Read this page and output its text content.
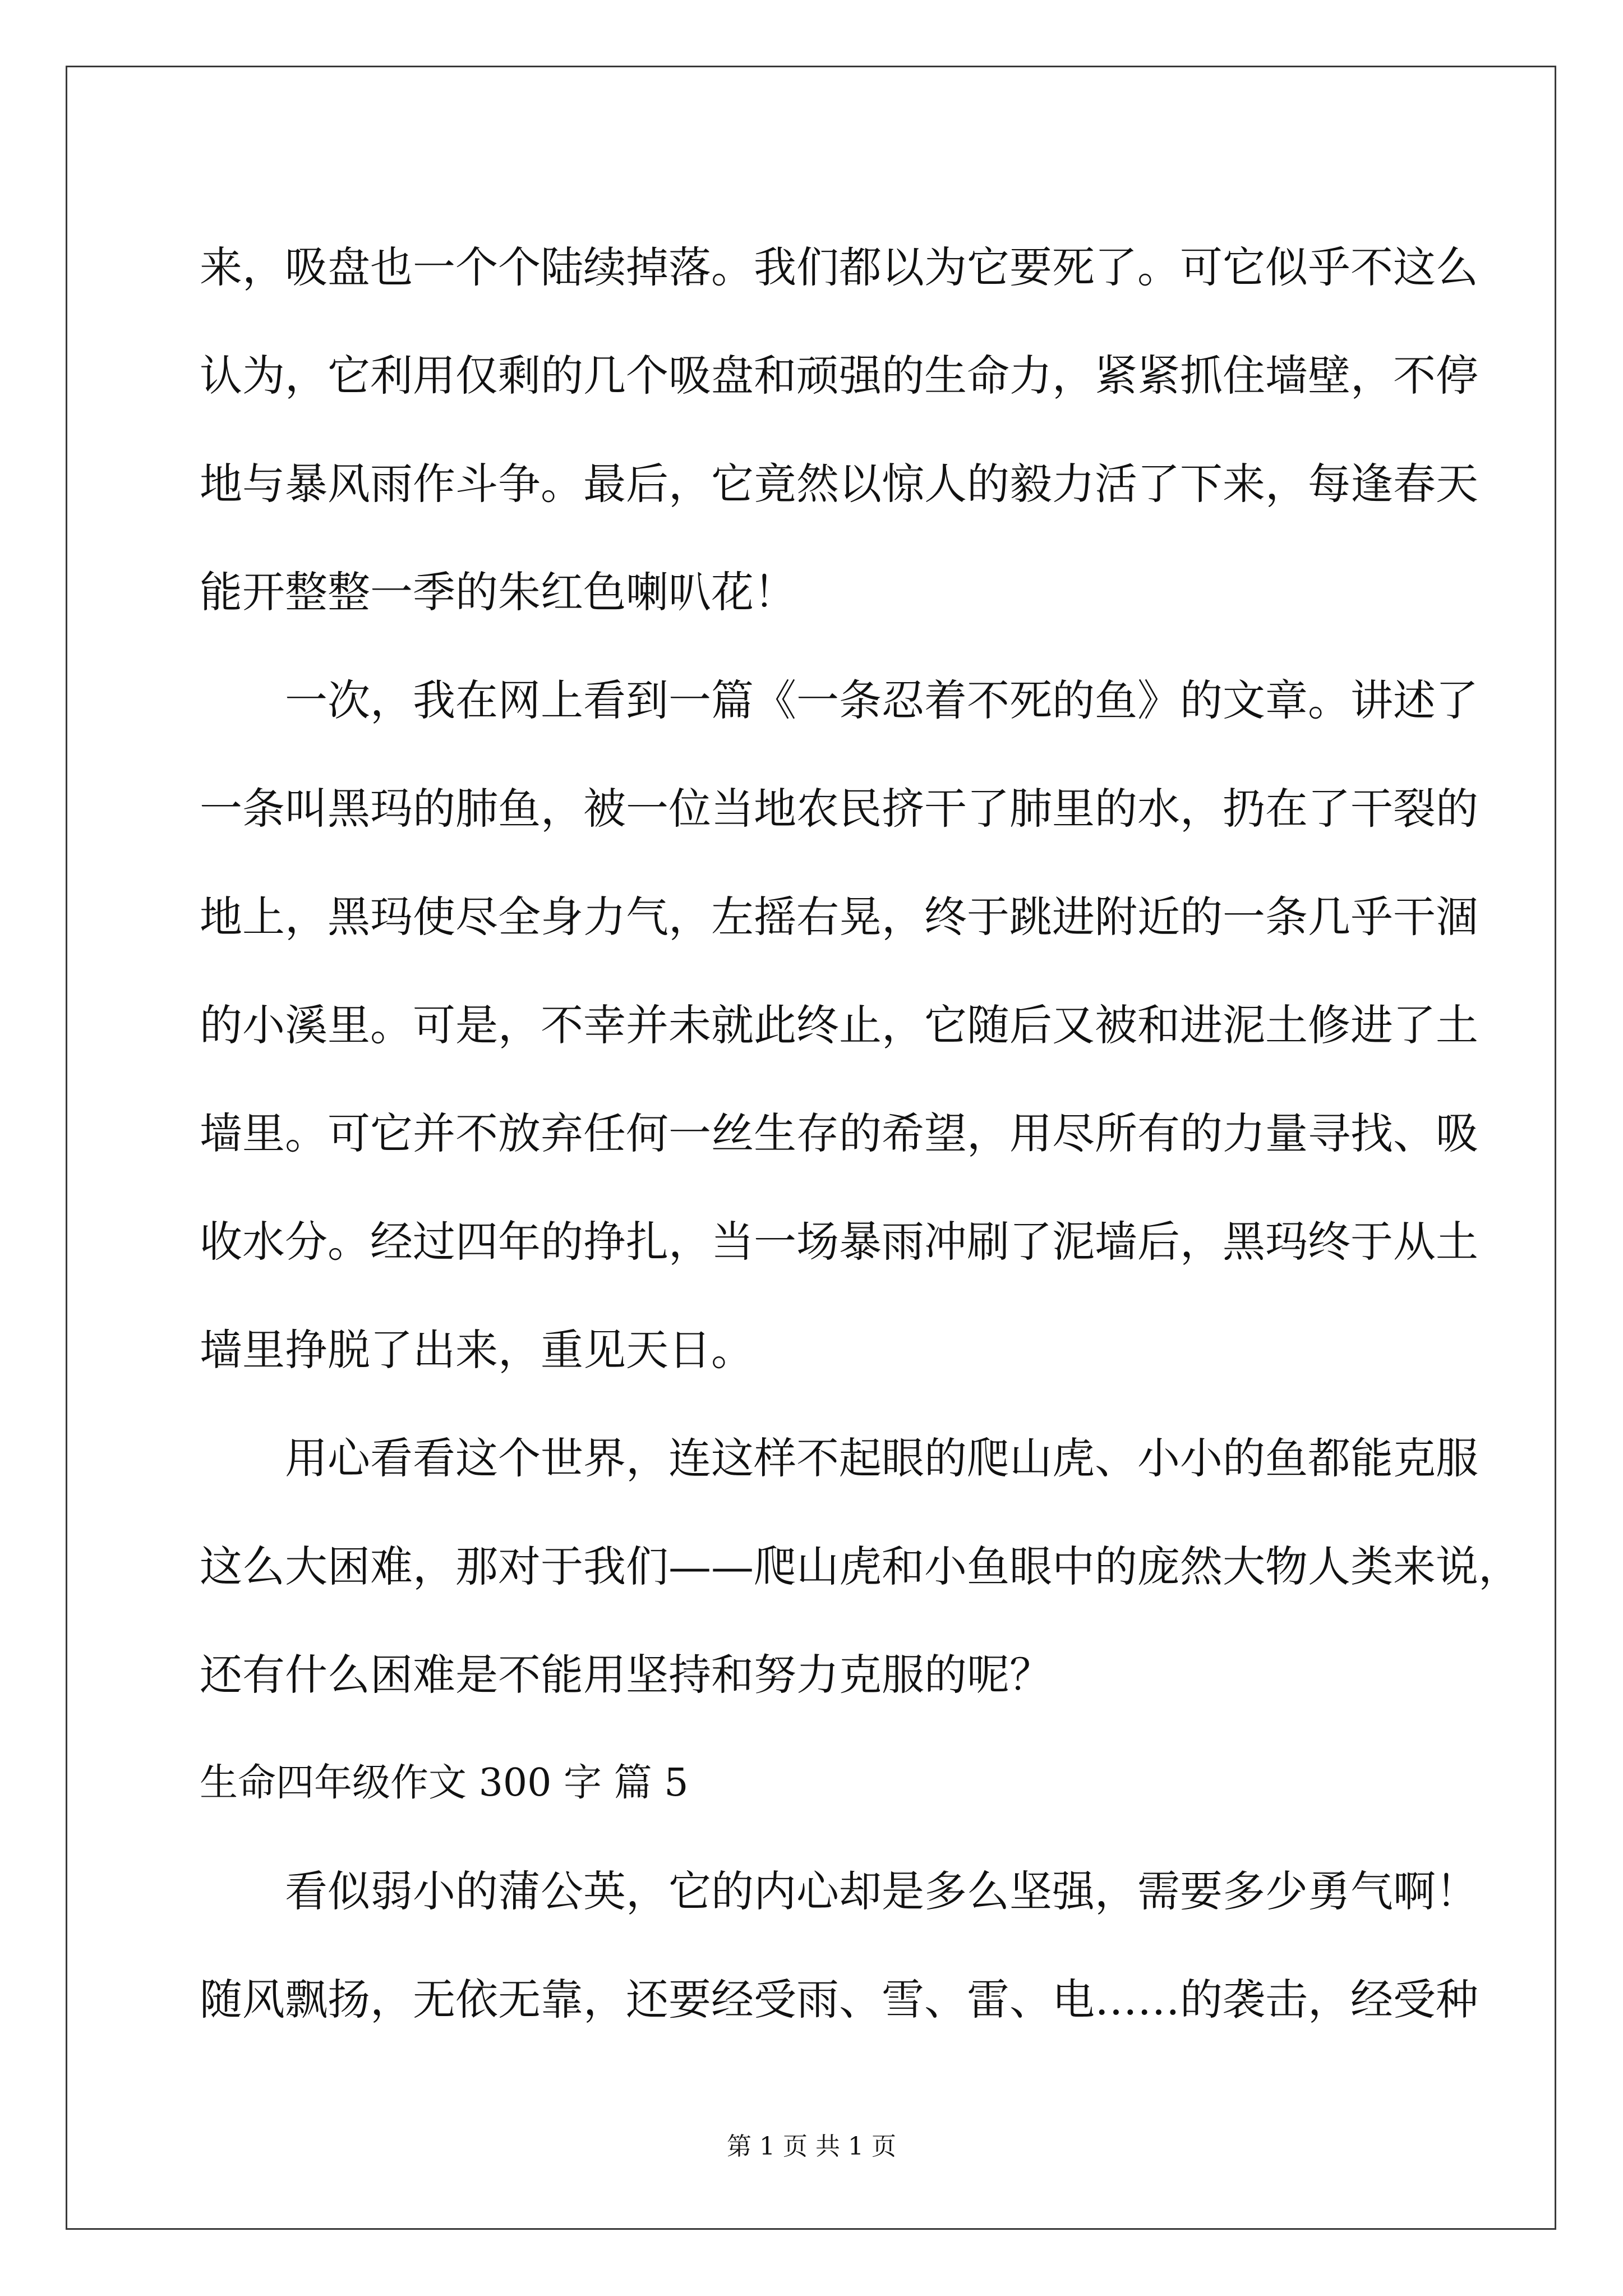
来，吸盘也一个个陆续掉落。我们都以为它要死了。可它似乎不这么
认为，它利用仅剩的几个吸盘和顽强的生命力，紧紧抓住墙壁，不停
地与暴风雨作斗争。最后，它竟然以惊人的毅力活了下来，每逢春天
能开整整一季的朱红色喇叭花！
一次，我在网上看到一篇《一条忍着不死的鱼》的文章。讲述了
一条叫黑玛的肺鱼，被一位当地农民挤干了肺里的水，扔在了干裂的
地上，黑玛使尽全身力气，左摇右晃，终于跳进附近的一条几乎干涸
的小溪里。可是，不幸并未就此终止，它随后又被和进泥土修进了土
墙里。可它并不放弃任何一丝生存的希望，用尽所有的力量寻找、吸
收水分。经过四年的挣扎，当一场暴雨冲刷了泥墙后，黑玛终于从土
墙里挣脱了出来，重见天日。
用心看看这个世界，连这样不起眼的爬山虎、小小的鱼都能克服
这么大困难，那对于我们——爬山虎和小鱼眼中的庞然大物人类来说，
还有什么困难是不能用坚持和努力克服的呢？
生命四年级作文 300 字 篇 5
看似弱小的蒲公英，它的内心却是多么坚强，需要多少勇气啊！
随风飘扬，无依无靠，还要经受雨、雪、雷、电……的袭击，经受种
第 1 页 共 1 页
